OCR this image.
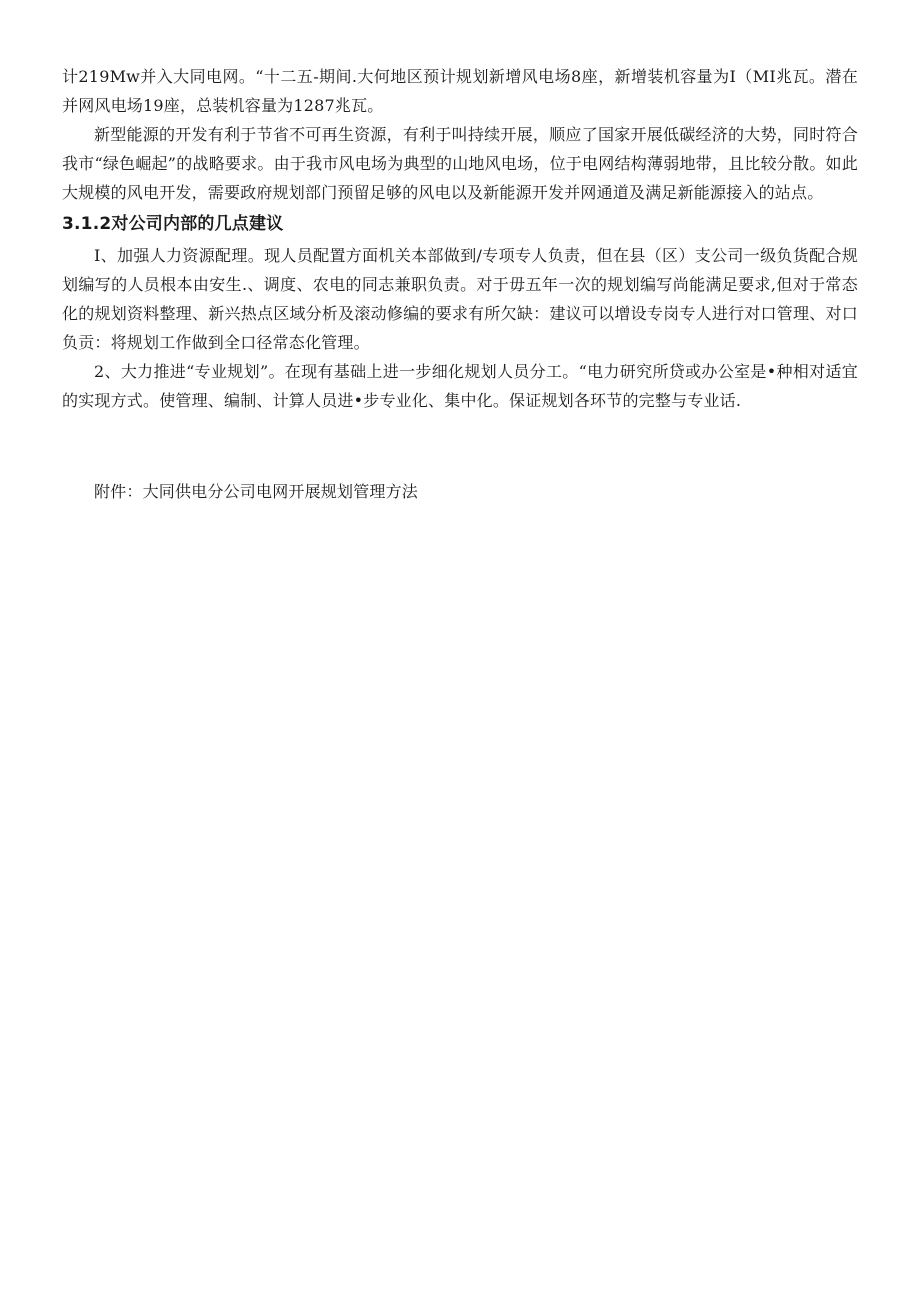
计219Mw并入大同电网。“十二五-期间.大何地区预计规划新增风电场8座，新增装机容量为I（MI兆瓦。潜在并网风电场19座，总装机容量为1287兆瓦。

新型能源的开发有利于节省不可再生资源，有利于叫持续开展，顺应了国家开展低碳经济的大势，同时符合我市“绿色崛起”的战略要求。由于我市风电场为典型的山地风电场，位于电网结构薄弱地带，且比较分散。如此大规模的风电开发，需要政府规划部门预留足够的风电以及新能源开发并网通道及满足新能源接入的站点。

3.1.2对公司内部的几点建议

I、加强人力资源配理。现人员配置方面机关本部做到/专项专人负责，但在县（区）支公司一级负货配合规划编写的人员根本由安生.、调度、农电的同志兼职负责。对于毋五年一次的规划编写尚能满足要求,但对于常态化的规划资料整理、新兴热点区域分析及滚动修编的要求有所欠缺：建议可以增设专岗专人进行对口管理、对口负贡：将规划工作做到全口径常态化管理。

2、大力推进“专业规划”。在现有基础上进一步细化规划人员分工。“电力研究所贷或办公室是•种相对适宜的实现方式。使管理、编制、计算人员进•步专业化、集中化。保证规划各环节的完整与专业话.

附件：大同供电分公司电网开展规划管理方法
